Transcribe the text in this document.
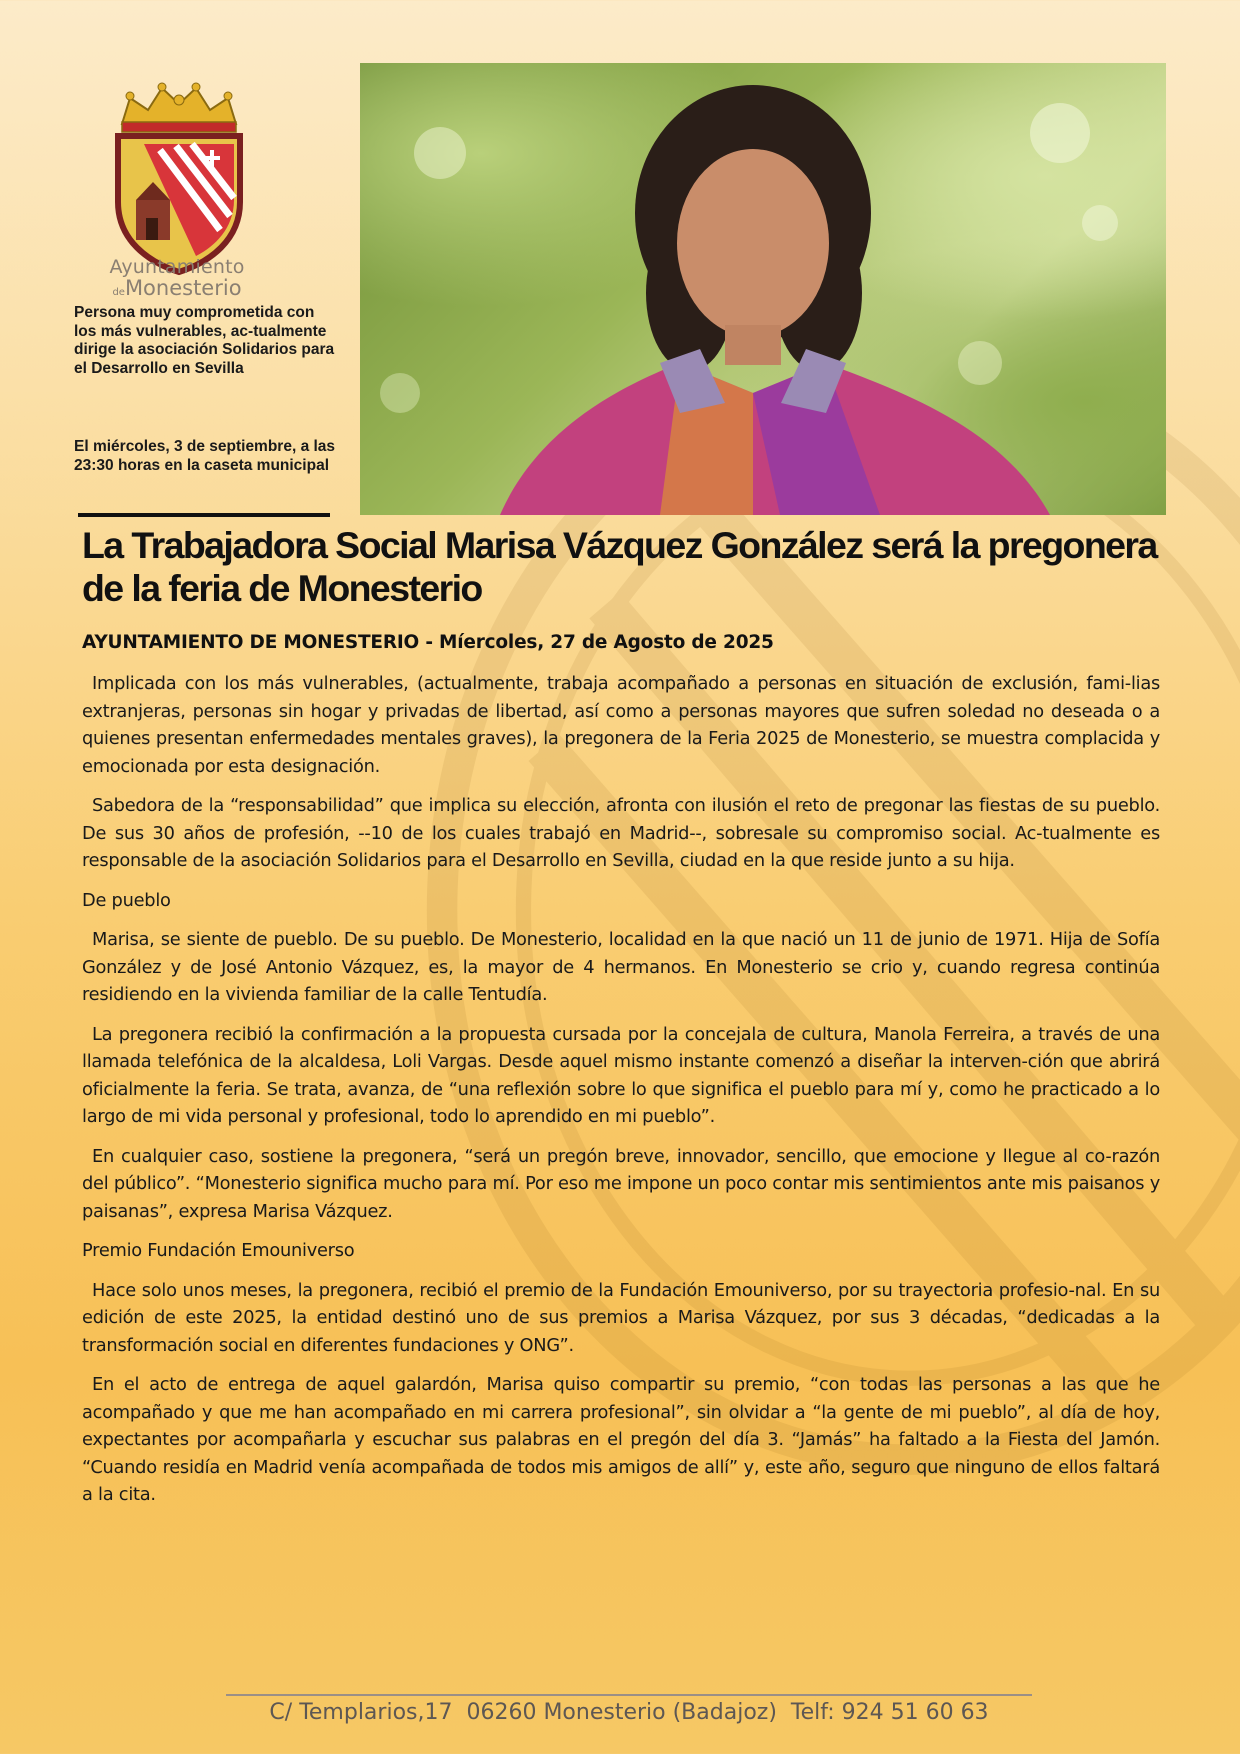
Ayuntamiento
deMonesterio

Persona muy comprometida con los más vulnerables, ac-tualmente dirige la asociación Solidarios para el Desarrollo en Sevilla

El miércoles, 3 de septiembre, a las 23:30 horas en la caseta municipal

La Trabajadora Social Marisa Vázquez González será la pregonera de la feria de Monesterio

AYUNTAMIENTO DE MONESTERIO - Míercoles, 27 de Agosto de 2025

Implicada con los más vulnerables, (actualmente, trabaja acompañado a personas en situación de exclusión, fami-lias extranjeras, personas sin hogar y privadas de libertad, así como a personas mayores que sufren soledad no deseada o a quienes presentan enfermedades mentales graves), la pregonera de la Feria 2025 de Monesterio, se muestra complacida y emocionada por esta designación.

Sabedora de la “responsabilidad” que implica su elección, afronta con ilusión el reto de pregonar las fiestas de su pueblo. De sus 30 años de profesión, --10 de los cuales trabajó en Madrid--, sobresale su compromiso social. Ac-tualmente es responsable de la asociación Solidarios para el Desarrollo en Sevilla, ciudad en la que reside junto a su hija.

De pueblo

Marisa, se siente de pueblo. De su pueblo. De Monesterio, localidad en la que nació un 11 de junio de 1971. Hija de Sofía González y de José Antonio Vázquez, es, la mayor de 4 hermanos. En Monesterio se crio y, cuando regresa continúa residiendo en la vivienda familiar de la calle Tentudía.

La pregonera recibió la confirmación a la propuesta cursada por la concejala de cultura, Manola Ferreira, a través de una llamada telefónica de la alcaldesa, Loli Vargas. Desde aquel mismo instante comenzó a diseñar la interven-ción que abrirá oficialmente la feria. Se trata, avanza, de “una reflexión sobre lo que significa el pueblo para mí y, como he practicado a lo largo de mi vida personal y profesional, todo lo aprendido en mi pueblo”.

En cualquier caso, sostiene la pregonera, “será un pregón breve, innovador, sencillo, que emocione y llegue al co-razón del público”. “Monesterio significa mucho para mí. Por eso me impone un poco contar mis sentimientos ante mis paisanos y paisanas”, expresa Marisa Vázquez.

Premio Fundación Emouniverso

Hace solo unos meses, la pregonera, recibió el premio de la Fundación Emouniverso, por su trayectoria profesio-nal. En su edición de este 2025, la entidad destinó uno de sus premios a Marisa Vázquez, por sus 3 décadas, “dedicadas a la transformación social en diferentes fundaciones y ONG”.

En el acto de entrega de aquel galardón, Marisa quiso compartir su premio, “con todas las personas a las que he acompañado y que me han acompañado en mi carrera profesional”, sin olvidar a “la gente de mi pueblo”, al día de hoy, expectantes por acompañarla y escuchar sus palabras en el pregón del día 3. “Jamás” ha faltado a la Fiesta del Jamón. “Cuando residía en Madrid venía acompañada de todos mis amigos de allí” y, este año, seguro que ninguno de ellos faltará a la cita.

C/ Templarios,17  06260 Monesterio (Badajoz)  Telf: 924 51 60 63
